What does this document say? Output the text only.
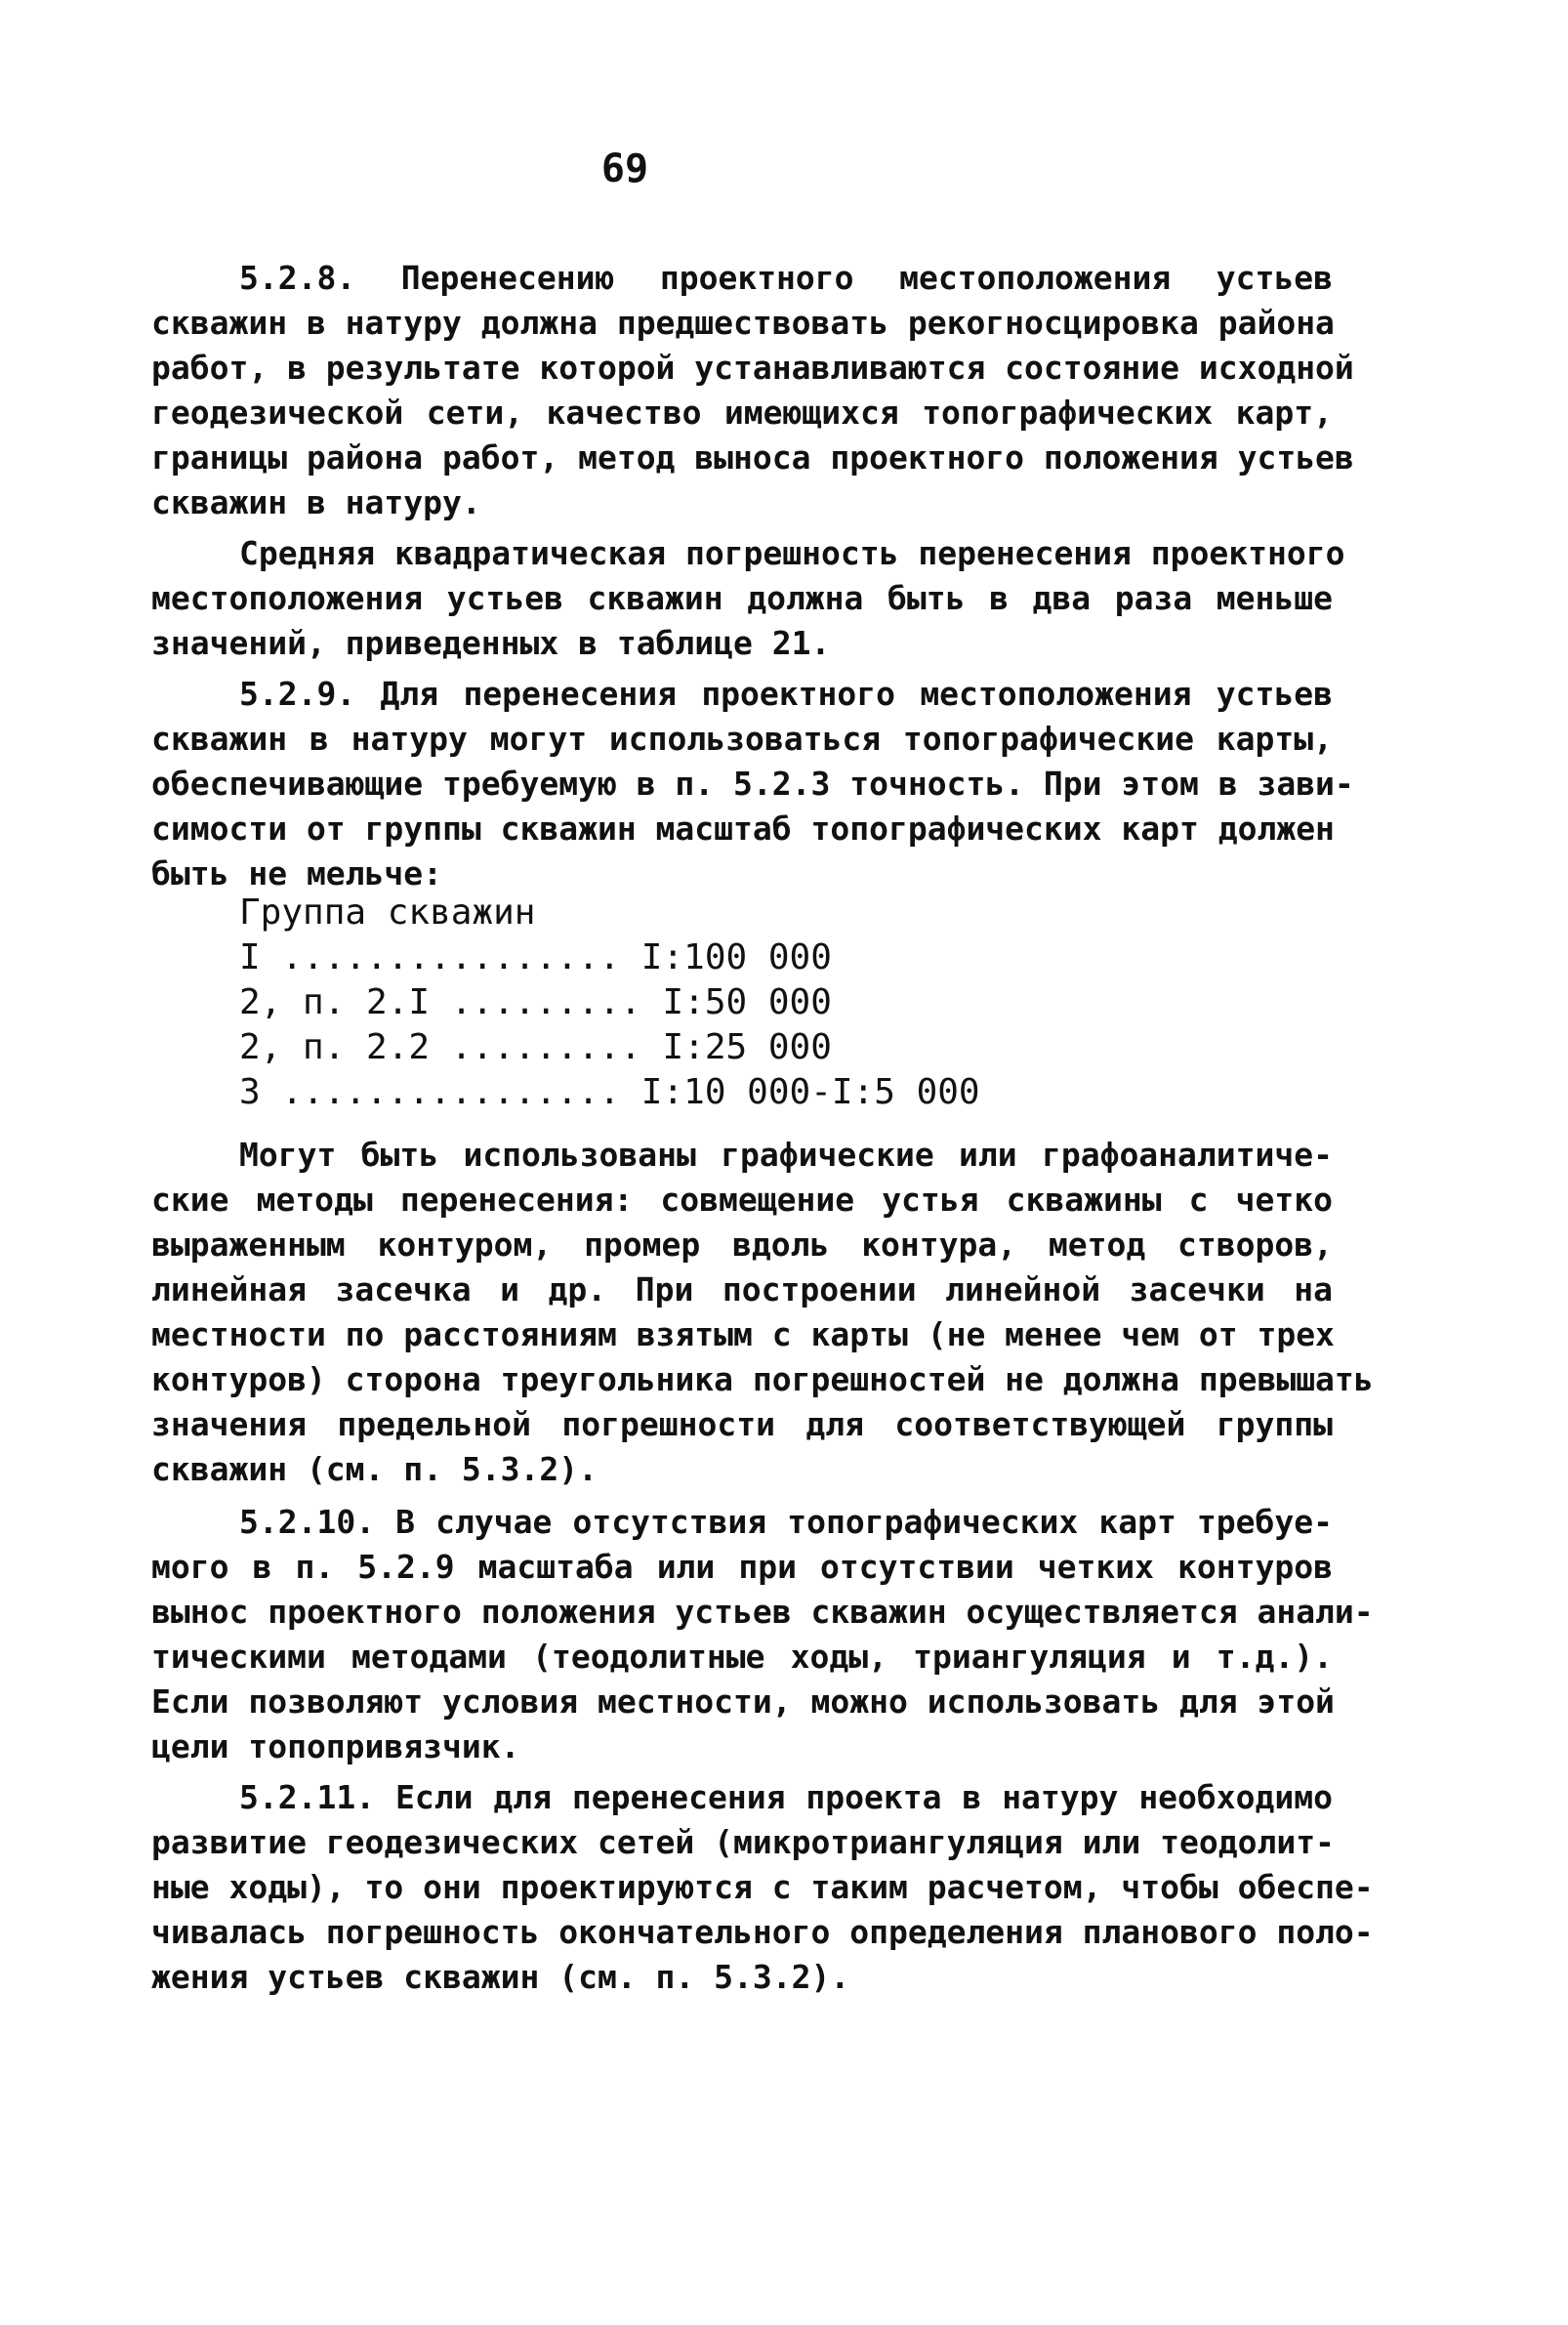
69
5.2.8. Перенесению проектного местоположения устьев
скважин в натуру должна предшествовать рекогносцировка района
работ, в результате которой устанавливаются состояние исходной
геодезической сети, качество имеющихся топографических карт,
границы района работ, метод выноса проектного положения устьев
скважин в натуру.
Средняя квадратическая погрешность перенесения проектного
местоположения устьев скважин должна быть в два раза меньше
значений, приведенных в таблице 21.
5.2.9. Для перенесения проектного местоположения устьев
скважин в натуру могут использоваться топографические карты,
обеспечивающие требуемую в п. 5.2.3 точность. При этом в зави-
симости от группы скважин масштаб топографических карт должен
быть не мельче:
Группа скважин
I ................ I:100 000
2, п. 2.I ......... I:50 000
2, п. 2.2 ......... I:25 000
3 ................ I:10 000-I:5 000
Могут быть использованы графические или графоаналитиче-
ские методы перенесения: совмещение устья скважины с четко
выраженным контуром, промер вдоль контура, метод створов,
линейная засечка и др. При построении линейной засечки на
местности по расстояниям взятым с карты (не менее чем от трех
контуров) сторона треугольника погрешностей не должна превышать
значения предельной погрешности для соответствующей группы
скважин (см. п. 5.3.2).
5.2.10. В случае отсутствия топографических карт требуе-
мого в п. 5.2.9 масштаба или при отсутствии четких контуров
вынос проектного положения устьев скважин осуществляется анали-
тическими методами (теодолитные ходы, триангуляция и т.д.).
Если позволяют условия местности, можно использовать для этой
цели топопривязчик.
5.2.11. Если для перенесения проекта в натуру необходимо
развитие геодезических сетей (микротриангуляция или теодолит-
ные ходы), то они проектируются с таким расчетом, чтобы обеспе-
чивалась погрешность окончательного определения планового поло-
жения устьев скважин (см. п. 5.3.2).
